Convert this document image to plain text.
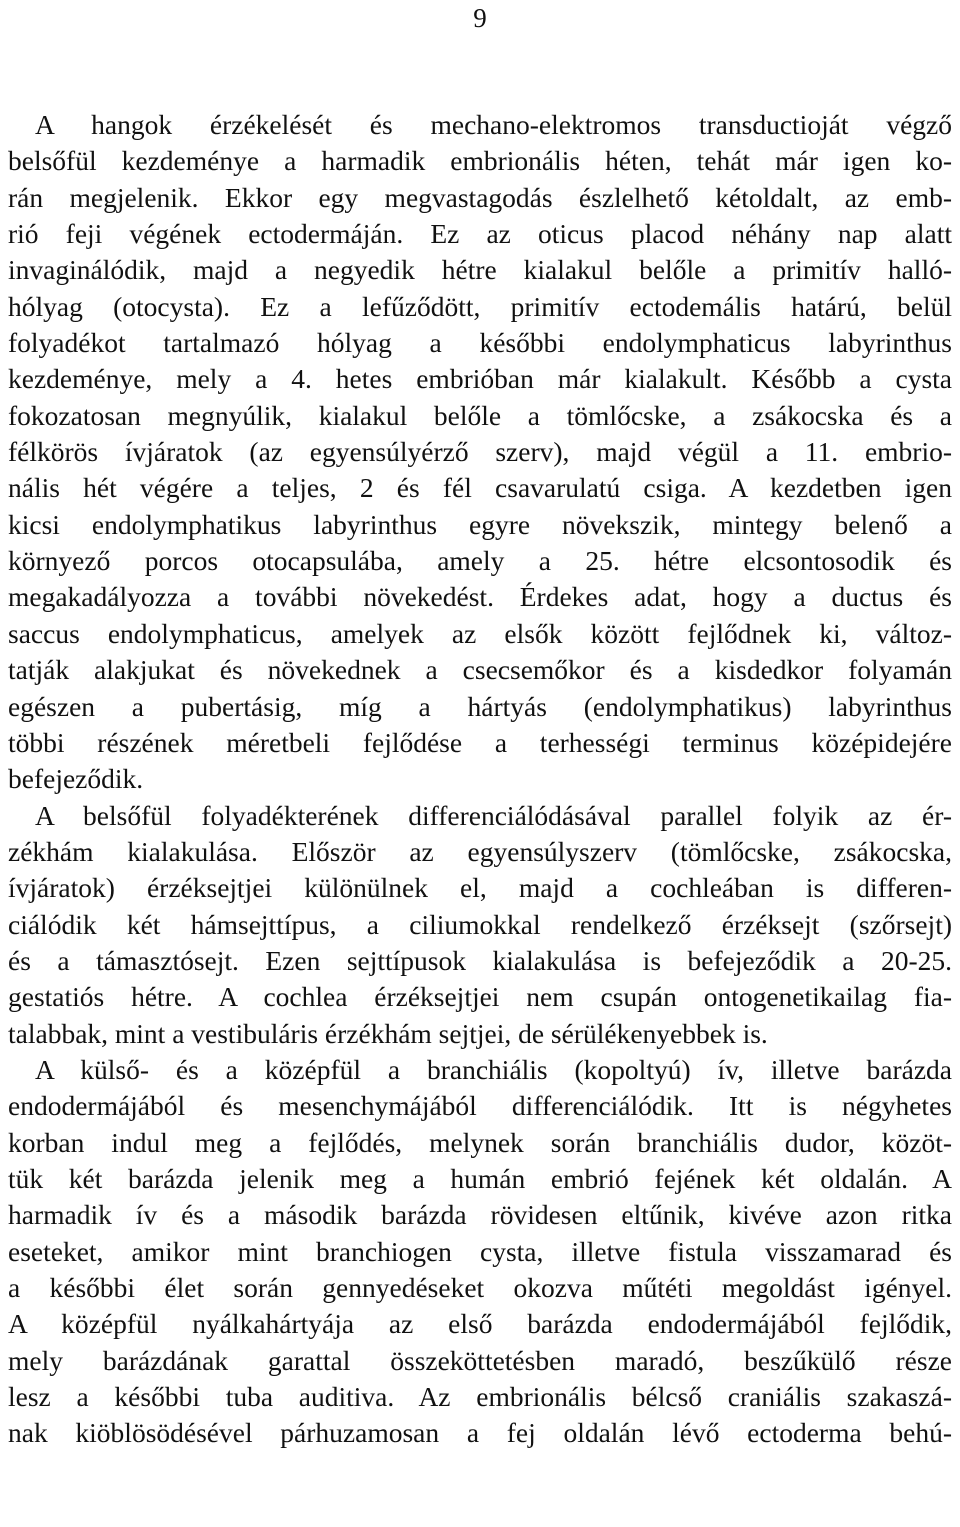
9
A hangok érzékelését és mechano-elektromos transductioját végző
belsőfül kezdeménye a harmadik embrionális héten, tehát már igen ko-
rán megjelenik. Ekkor egy megvastagodás észlelhető kétoldalt, az emb-
rió feji végének ectodermáján. Ez az oticus placod néhány nap alatt
invaginálódik, majd a negyedik hétre kialakul belőle a primitív halló-
hólyag (otocysta). Ez a lefűződött, primitív ectodemális határú, belül
folyadékot tartalmazó hólyag a későbbi endolymphaticus labyrinthus
kezdeménye, mely a 4. hetes embrióban már kialakult. Később a cysta
fokozatosan megnyúlik, kialakul belőle a tömlőcske, a zsákocska és a
félkörös ívjáratok (az egyensúlyérző szerv), majd végül a 11. embrio-
nális hét végére a teljes, 2 és fél csavarulatú csiga. A kezdetben igen
kicsi endolymphatikus labyrinthus egyre növekszik, mintegy belenő a
környező porcos otocapsulába, amely a 25. hétre elcsontosodik és
megakadályozza a további növekedést. Érdekes adat, hogy a ductus és
saccus endolymphaticus, amelyek az elsők között fejlődnek ki, változ-
tatják alakjukat és növekednek a csecsemőkor és a kisdedkor folyamán
egészen a pubertásig, míg a hártyás (endolymphatikus) labyrinthus
többi részének méretbeli fejlődése a terhességi terminus középidejére
befejeződik.
A belsőfül folyadékterének differenciálódásával parallel folyik az ér-
zékhám kialakulása. Először az egyensúlyszerv (tömlőcske, zsákocska,
ívjáratok) érzéksejtjei különülnek el, majd a cochleában is differen-
ciálódik két hámsejttípus, a ciliumokkal rendelkező érzéksejt (szőrsejt)
és a támasztósejt. Ezen sejttípusok kialakulása is befejeződik a 20-25.
gestatiós hétre. A cochlea érzéksejtjei nem csupán ontogenetikailag fia-
talabbak, mint a vestibuláris érzékhám sejtjei, de sérülékenyebbek is.
A külső- és a középfül a branchiális (kopoltyú) ív, illetve barázda
endodermájából és mesenchymájából differenciálódik. Itt is négyhetes
korban indul meg a fejlődés, melynek során branchiális dudor, közöt-
tük két barázda jelenik meg a humán embrió fejének két oldalán. A
harmadik ív és a második barázda rövidesen eltűnik, kivéve azon ritka
eseteket, amikor mint branchiogen cysta, illetve fistula visszamarad és
a későbbi élet során gennyedéseket okozva műtéti megoldást igényel.
A középfül nyálkahártyája az első barázda endodermájából fejlődik,
mely barázdának garattal összeköttetésben maradó, beszűkülő része
lesz a későbbi tuba auditiva. Az embrionális bélcső craniális szakaszá-
nak kiöblösödésével párhuzamosan a fej oldalán lévő ectoderma behú-
